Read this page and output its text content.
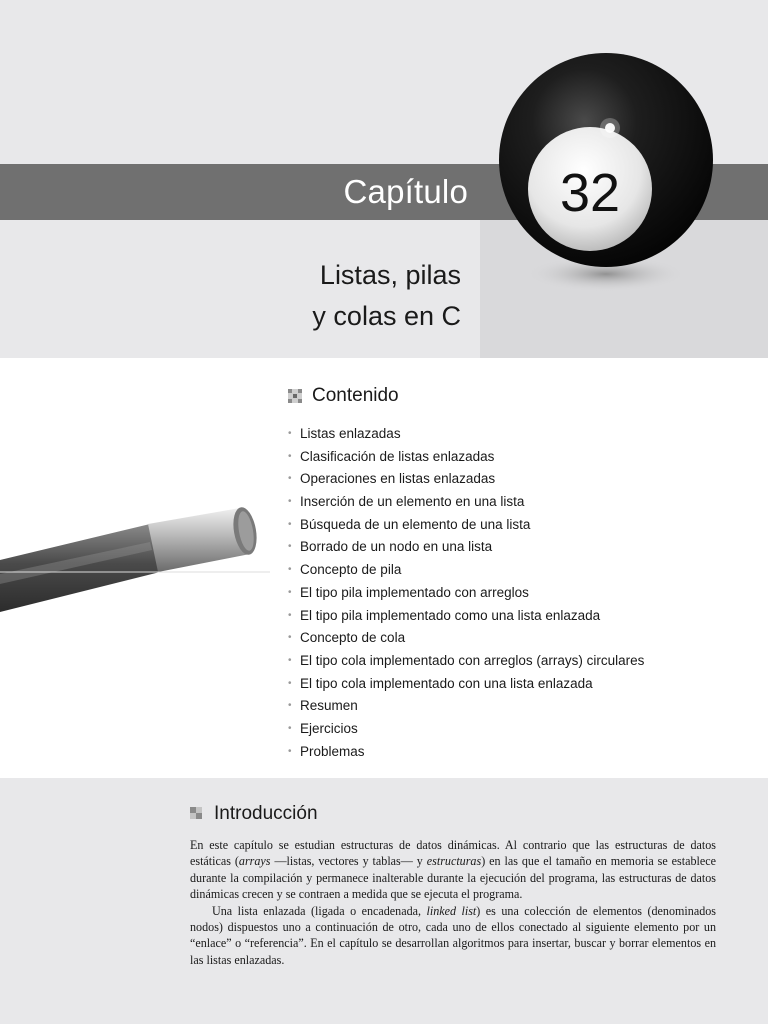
Capítulo	32
Listas, pilas
y colas en C
Contenido
• Listas enlazadas
• Clasificación de listas enlazadas
• Operaciones en listas enlazadas
• Inserción de un elemento en una lista
• Búsqueda de un elemento de una lista
• Borrado de un nodo en una lista
• Concepto de pila
• El tipo pila implementado con arreglos
• El tipo pila implementado como una lista enlazada
• Concepto de cola
• El tipo cola implementado con arreglos (arrays) circulares
• El tipo cola implementado con una lista enlazada
• Resumen
• Ejercicios
• Problemas
Introducción

En este capítulo se estudian estructuras de datos dinámicas. Al contrario que las estructuras de datos estáticas (arrays —listas, vectores y tablas— y estructuras) en las que el tamaño en memoria se establece durante la compilación y permanece inalterable durante la ejecución del programa, las estructuras de datos dinámicas crecen y se contraen a medida que se ejecuta el programa.

Una lista enlazada (ligada o encadenada, linked list) es una colección de elementos (denominados nodos) dispuestos uno a continuación de otro, cada uno de ellos conectado al siguiente elemento por un “enlace” o “referencia”. En el capítulo se desarrollan algoritmos para insertar, buscar y borrar elementos en las listas enlazadas.
